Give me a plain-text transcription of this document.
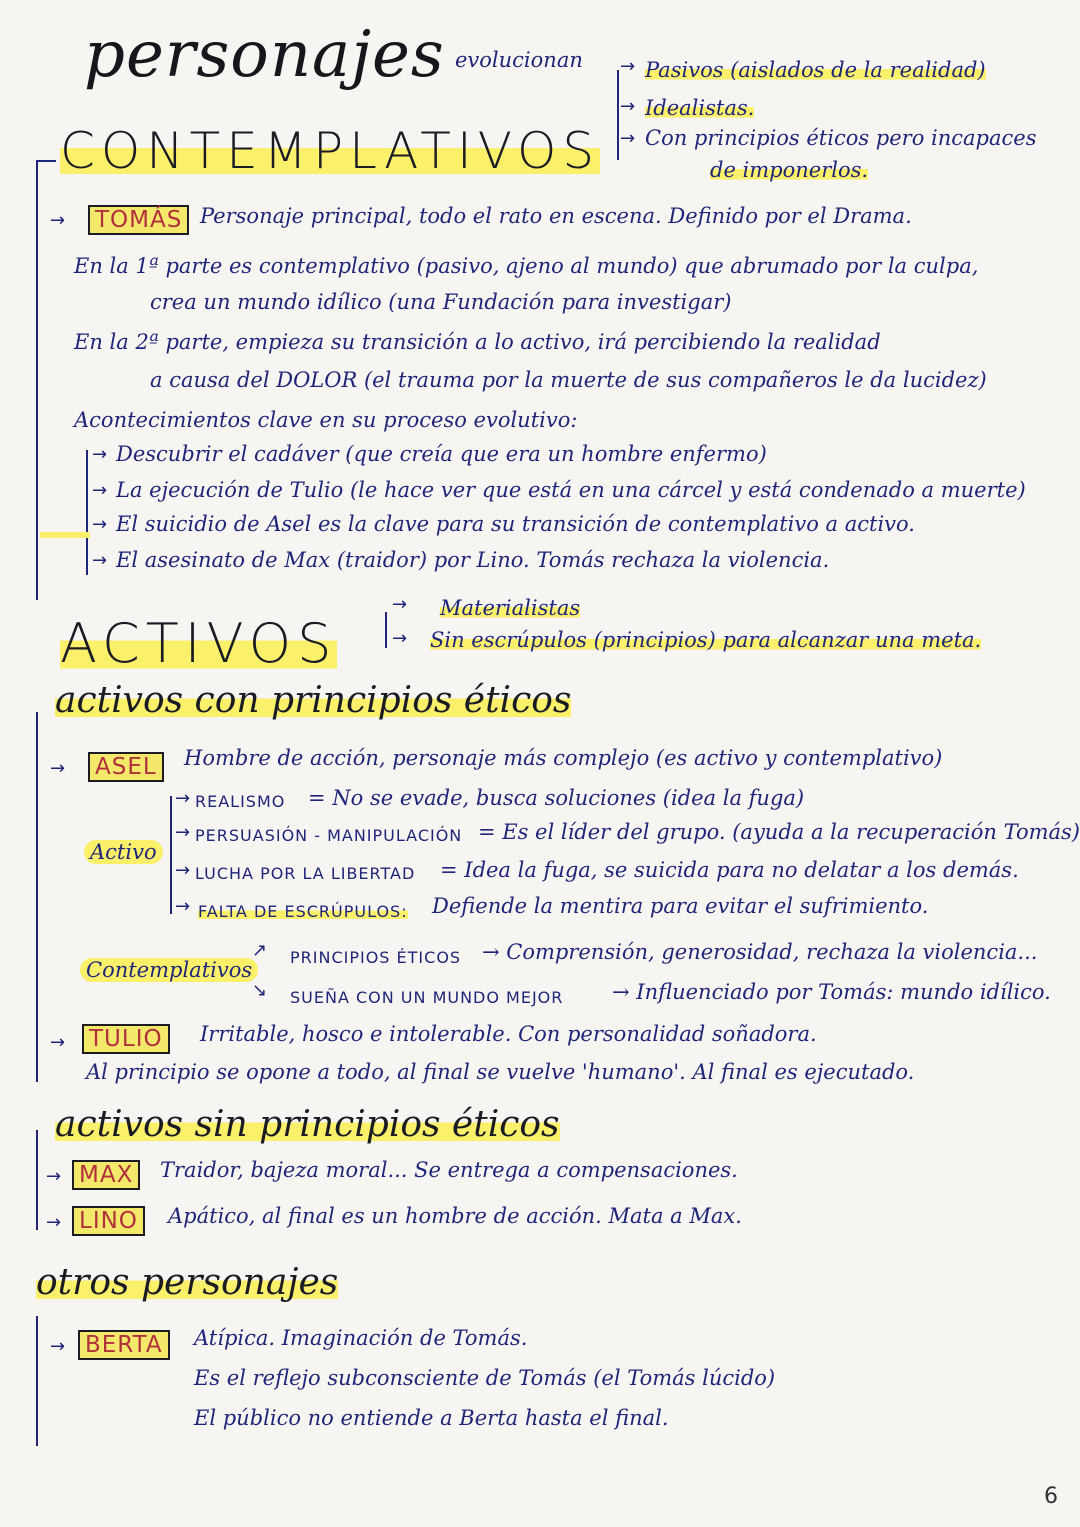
personajes evolucionan
CONTEMPLATIVOS
→
→
→
Pasivos (aislados de la realidad)
Idealistas.
Con principios éticos pero incapaces
de imponerlos.
→	TOMÁS Personaje principal, todo el rato en escena. Definido por el Drama.
En la 1ª parte es contemplativo (pasivo, ajeno al mundo) que abrumado por la culpa,
crea un mundo idílico (una Fundación para investigar)
En la 2ª parte, empieza su transición a lo activo, irá percibiendo la realidad
a causa del DOLOR (el trauma por la muerte de sus compañeros le da lucidez)
Acontecimientos clave en su proceso evolutivo:
→
→
→
→
Descubrir el cadáver (que creía que era un hombre enfermo)
La ejecución de Tulio (le hace ver que está en una cárcel y está condenado a muerte)
El suicidio de Asel es la clave para su transición de contemplativo a activo.
El asesinato de Max (traidor) por Lino. Tomás rechaza la violencia.
ACTIVOS
→
→
Materialistas
Sin escrúpulos (principios) para alcanzar una meta.
activos con principios éticos
→	ASEL	Hombre de acción, personaje más complejo (es activo y contemplativo)
Activo
→ REALISMO = No se evade, busca soluciones (idea la fuga)
→ PERSUASIÓN - MANIPULACIÓN = Es el líder del grupo. (ayuda a la recuperación Tomás)
→ LUCHA POR LA LIBERTAD = Idea la fuga, se suicida para no delatar a los demás.
→ FALTA DE ESCRÚPULOS: Defiende la mentira para evitar el sufrimiento.
Contemplativos
↗
↘
PRINCIPIOS ÉTICOS → Comprensión, generosidad, rechaza la violencia...
SUEÑA CON UN MUNDO MEJOR → Influenciado por Tomás: mundo idílico.
→	TULIO	Irritable, hosco e intolerable. Con personalidad soñadora.
Al principio se opone a todo, al final se vuelve 'humano'. Al final es ejecutado.
activos sin principios éticos
→ MAX	Traidor, bajeza moral... Se entrega a compensaciones.
→ LINO	Apático, al final es un hombre de acción. Mata a Max.
otros personajes
→ BERTA	Atípica. Imaginación de Tomás.
Es el reflejo subconsciente de Tomás (el Tomás lúcido)
El público no entiende a Berta hasta el final.
6
